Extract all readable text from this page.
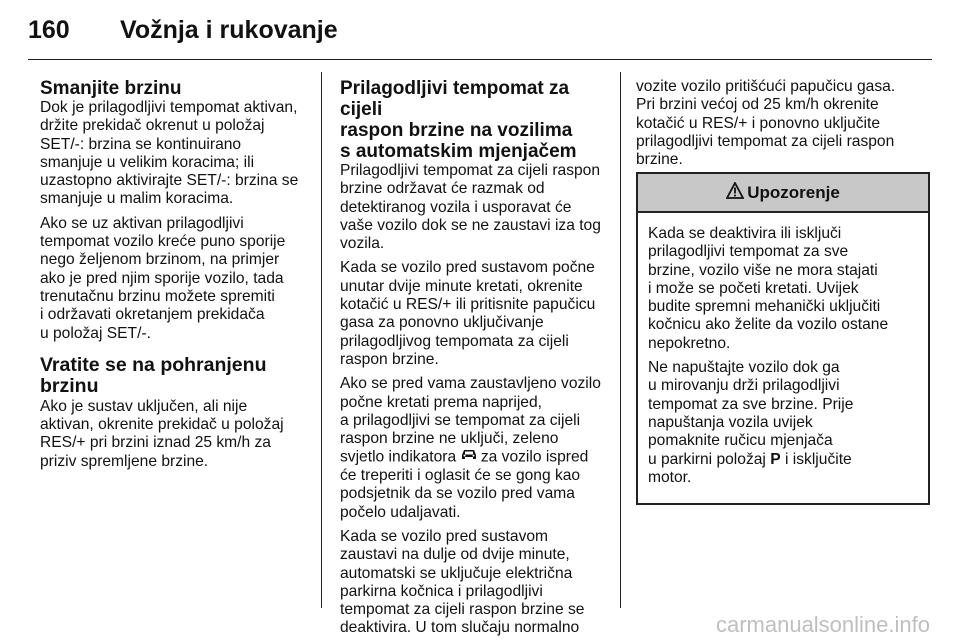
160 Vožnja i rukovanje
Smanjite brzinu

Dok je prilagodljivi tempomat aktivan,
držite prekidač okrenut u položaj
SET/-: brzina se kontinuirano
smanjuje u velikim koracima; ili
uzastopno aktivirajte SET/-: brzina se
smanjuje u malim koracima.

Ako se uz aktivan prilagodljivi
tempomat vozilo kreće puno sporije
nego željenom brzinom, na primjer
ako je pred njim sporije vozilo, tada
trenutačnu brzinu možete spremiti
i održavati okretanjem prekidača
u položaj SET/-.

Vratite se na pohranjenu brzinu

Ako je sustav uključen, ali nije
aktivan, okrenite prekidač u položaj
RES/+ pri brzini iznad 25 km/h za
priziv spremljene brzine.

Prilagodljivi tempomat za cijeli
raspon brzine na vozilima
s automatskim mjenjačem

Prilagodljivi tempomat za cijeli raspon
brzine održavat će razmak od
detektiranog vozila i usporavat će
vaše vozilo dok se ne zaustavi iza tog
vozila.

Kada se vozilo pred sustavom počne
unutar dvije minute kretati, okrenite
kotačić u RES/+ ili pritisnite papučicu
gasa za ponovno uključivanje
prilagodljivog tempomata za cijeli
raspon brzine.

Ako se pred vama zaustavljeno vozilo
počne kretati prema naprijed,
a prilagodljivi se tempomat za cijeli
raspon brzine ne uključi, zeleno
svjetlo indikatora za vozilo ispred
će treperiti i oglasit će se gong kao
podsjetnik da se vozilo pred vama
počelo udaljavati.

Kada se vozilo pred sustavom
zaustavi na dulje od dvije minute,
automatski se uključuje električna
parkirna kočnica i prilagodljivi
tempomat za cijeli raspon brzine se
deaktivira. U tom slučaju normalno

vozite vozilo pritišćući papučicu gasa.
Pri brzini većoj od 25 km/h okrenite
kotačić u RES/+ i ponovno uključite
prilagodljivi tempomat za cijeli raspon
brzine.

Upozorenje

Kada se deaktivira ili isključi
prilagodljivi tempomat za sve
brzine, vozilo više ne mora stajati
i može se početi kretati. Uvijek
budite spremni mehanički uključiti
kočnicu ako želite da vozilo ostane
nepokretno.

Ne napuštajte vozilo dok ga
u mirovanju drži prilagodljivi
tempomat za sve brzine. Prije
napuštanja vozila uvijek
pomaknite ručicu mjenjača
u parkirni položaj P i isključite
motor.

carmanualsonline.info
